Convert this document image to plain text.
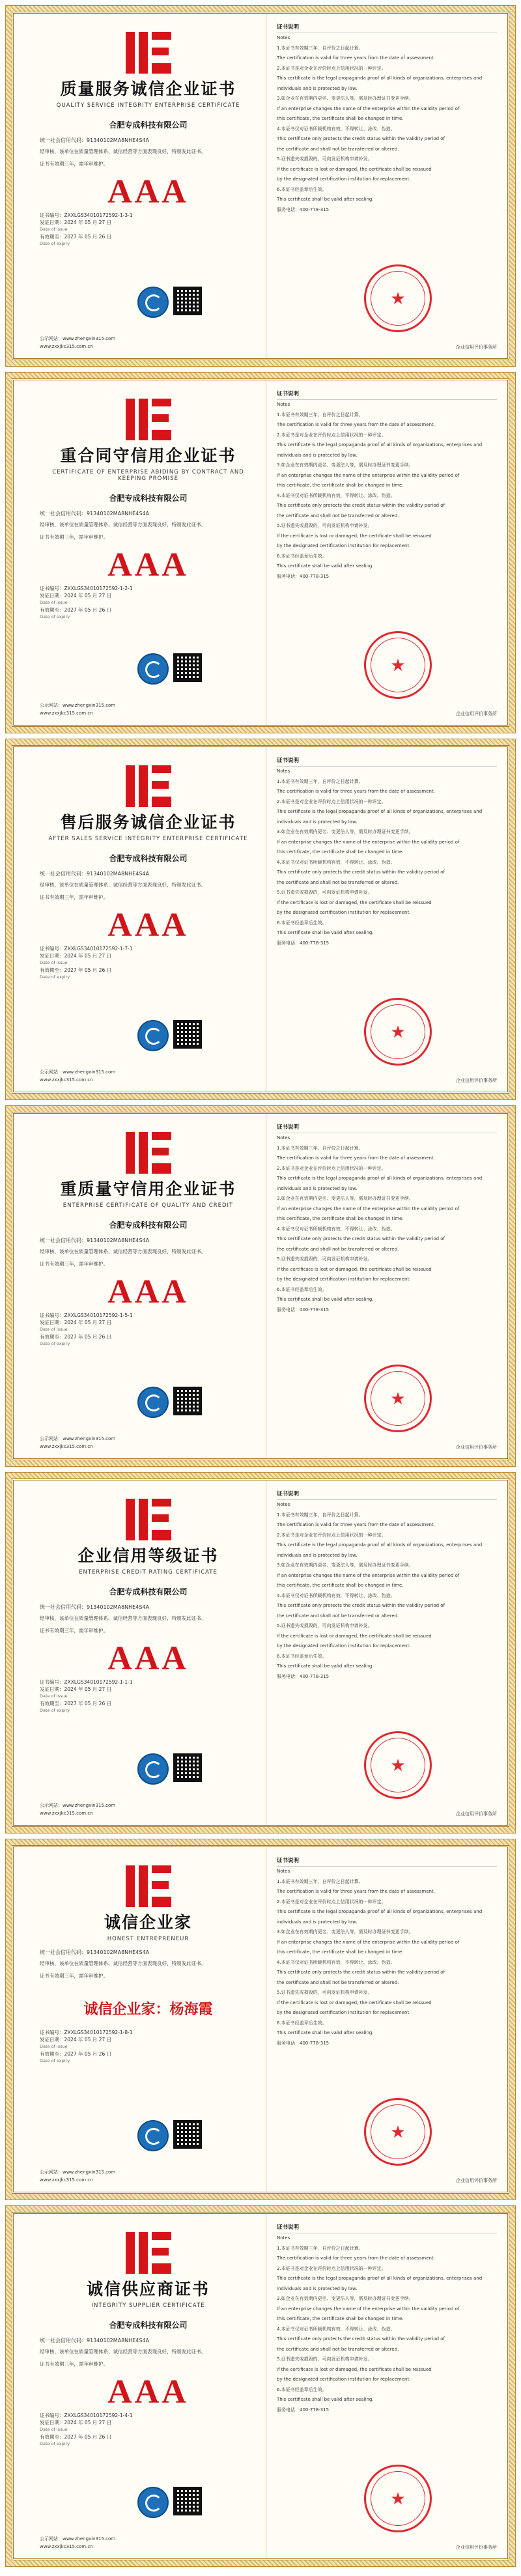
质量服务诚信企业证书
QUALITY SERVICE INTEGRITY ENTERPRISE CERTIFICATE
合肥专成科技有限公司
统一社会信用代码：91340102MA8NHE4S4A
经审核，该单位在质量管理体系、诚信经营等方面表现良好，特颁发此证书。
证书有效期三年，需年审维护。
AAA
证书编号：ZXXLGS34010172592-1-3-1
发证日期：2024 年 05 月 27 日
Date of issue
有效期至：2027 年 05 月 26 日
Date of expiry
公示网站：www.zhengxin315.com
www.zxxjkc315.com.cn
证书说明
Notes
1.本证书有效期三年，自评价之日起计算。
The certification is valid for three years from the date of assessment.
2.本证书是对企业在评价时点上信用状况的一种评定。
This certificate is the legal propaganda proof of all kinds of organizations, enterprises and
individuals and is protected by law.
3.如企业在有效期内更名、变更法人等，需及时办理证书变更手续。
If an enterprise changes the name of the enterprise within the validity period of
this certificate, the certificate shall be changed in time.
4.本证书仅对证书所载机构有效，不得转让、涂改、伪造。
This certificate only protects the credit status within the validity period of
the certificate and shall not be transferred or altered.
5.证书遗失或损毁的，可向发证机构申请补发。
If the certificate is lost or damaged, the certificate shall be reissued
by the designated certification institution for replacement.
6.本证书经盖章后生效。
This certificate shall be valid after sealing.
服务电话：400-778-315
★
企业信用评价事务所
重合同守信用企业证书
CERTIFICATE OF ENTERPRISE ABIDING BY CONTRACT AND KEEPING PROMISE
合肥专成科技有限公司
统一社会信用代码：91340102MA8NHE4S4A
经审核，该单位在质量管理体系、诚信经营等方面表现良好，特颁发此证书。
证书有效期三年，需年审维护。
AAA
证书编号：ZXXLGS34010172592-1-2-1
发证日期：2024 年 05 月 27 日
Date of issue
有效期至：2027 年 05 月 26 日
Date of expiry
公示网站：www.zhengxin315.com
www.zxxjkc315.com.cn
证书说明
Notes
1.本证书有效期三年，自评价之日起计算。
The certification is valid for three years from the date of assessment.
2.本证书是对企业在评价时点上信用状况的一种评定。
This certificate is the legal propaganda proof of all kinds of organizations, enterprises and
individuals and is protected by law.
3.如企业在有效期内更名、变更法人等，需及时办理证书变更手续。
If an enterprise changes the name of the enterprise within the validity period of
this certificate, the certificate shall be changed in time.
4.本证书仅对证书所载机构有效，不得转让、涂改、伪造。
This certificate only protects the credit status within the validity period of
the certificate and shall not be transferred or altered.
5.证书遗失或损毁的，可向发证机构申请补发。
If the certificate is lost or damaged, the certificate shall be reissued
by the designated certification institution for replacement.
6.本证书经盖章后生效。
This certificate shall be valid after sealing.
服务电话：400-778-315
★
企业信用评价事务所
售后服务诚信企业证书
AFTER SALES SERVICE INTEGRITY ENTERPRISE CERTIFICATE
合肥专成科技有限公司
统一社会信用代码：91340102MA8NHE4S4A
经审核，该单位在质量管理体系、诚信经营等方面表现良好，特颁发此证书。
证书有效期三年，需年审维护。
AAA
证书编号：ZXXLGS34010172592-1-7-1
发证日期：2024 年 05 月 27 日
Date of issue
有效期至：2027 年 05 月 26 日
Date of expiry
公示网站：www.zhengxin315.com
www.zxxjkc315.com.cn
证书说明
Notes
1.本证书有效期三年，自评价之日起计算。
The certification is valid for three years from the date of assessment.
2.本证书是对企业在评价时点上信用状况的一种评定。
This certificate is the legal propaganda proof of all kinds of organizations, enterprises and
individuals and is protected by law.
3.如企业在有效期内更名、变更法人等，需及时办理证书变更手续。
If an enterprise changes the name of the enterprise within the validity period of
this certificate, the certificate shall be changed in time.
4.本证书仅对证书所载机构有效，不得转让、涂改、伪造。
This certificate only protects the credit status within the validity period of
the certificate and shall not be transferred or altered.
5.证书遗失或损毁的，可向发证机构申请补发。
If the certificate is lost or damaged, the certificate shall be reissued
by the designated certification institution for replacement.
6.本证书经盖章后生效。
This certificate shall be valid after sealing.
服务电话：400-778-315
★
企业信用评价事务所
重质量守信用企业证书
ENTERPRISE CERTIFICATE OF QUALITY AND CREDIT
合肥专成科技有限公司
统一社会信用代码：91340102MA8NHE4S4A
经审核，该单位在质量管理体系、诚信经营等方面表现良好，特颁发此证书。
证书有效期三年，需年审维护。
AAA
证书编号：ZXXLGS34010172592-1-5-1
发证日期：2024 年 05 月 27 日
Date of issue
有效期至：2027 年 05 月 26 日
Date of expiry
公示网站：www.zhengxin315.com
www.zxxjkc315.com.cn
证书说明
Notes
1.本证书有效期三年，自评价之日起计算。
The certification is valid for three years from the date of assessment.
2.本证书是对企业在评价时点上信用状况的一种评定。
This certificate is the legal propaganda proof of all kinds of organizations, enterprises and
individuals and is protected by law.
3.如企业在有效期内更名、变更法人等，需及时办理证书变更手续。
If an enterprise changes the name of the enterprise within the validity period of
this certificate, the certificate shall be changed in time.
4.本证书仅对证书所载机构有效，不得转让、涂改、伪造。
This certificate only protects the credit status within the validity period of
the certificate and shall not be transferred or altered.
5.证书遗失或损毁的，可向发证机构申请补发。
If the certificate is lost or damaged, the certificate shall be reissued
by the designated certification institution for replacement.
6.本证书经盖章后生效。
This certificate shall be valid after sealing.
服务电话：400-778-315
★
企业信用评价事务所
企业信用等级证书
ENTERPRISE CREDIT RATING CERTIFICATE
合肥专成科技有限公司
统一社会信用代码：91340102MA8NHE4S4A
经审核，该单位在质量管理体系、诚信经营等方面表现良好，特颁发此证书。
证书有效期三年，需年审维护。
AAA
证书编号：ZXXLGS34010172592-1-1-1
发证日期：2024 年 05 月 27 日
Date of issue
有效期至：2027 年 05 月 26 日
Date of expiry
公示网站：www.zhengxin315.com
www.zxxjkc315.com.cn
证书说明
Notes
1.本证书有效期三年，自评价之日起计算。
The certification is valid for three years from the date of assessment.
2.本证书是对企业在评价时点上信用状况的一种评定。
This certificate is the legal propaganda proof of all kinds of organizations, enterprises and
individuals and is protected by law.
3.如企业在有效期内更名、变更法人等，需及时办理证书变更手续。
If an enterprise changes the name of the enterprise within the validity period of
this certificate, the certificate shall be changed in time.
4.本证书仅对证书所载机构有效，不得转让、涂改、伪造。
This certificate only protects the credit status within the validity period of
the certificate and shall not be transferred or altered.
5.证书遗失或损毁的，可向发证机构申请补发。
If the certificate is lost or damaged, the certificate shall be reissued
by the designated certification institution for replacement.
6.本证书经盖章后生效。
This certificate shall be valid after sealing.
服务电话：400-778-315
★
企业信用评价事务所
诚信企业家
HONEST ENTREPRENEUR
统一社会信用代码：91340102MA8NHE4S4A
经审核，该单位在质量管理体系、诚信经营等方面表现良好，特颁发此证书。
证书有效期三年，需年审维护。
诚信企业家：杨海霞
证书编号：ZXXLGS34010172592-1-8-1
发证日期：2024 年 05 月 27 日
Date of issue
有效期至：2027 年 05 月 26 日
Date of expiry
公示网站：www.zhengxin315.com
www.zxxjkc315.com.cn
证书说明
Notes
1.本证书有效期三年，自评价之日起计算。
The certification is valid for three years from the date of assessment.
2.本证书是对企业在评价时点上信用状况的一种评定。
This certificate is the legal propaganda proof of all kinds of organizations, enterprises and
individuals and is protected by law.
3.如企业在有效期内更名、变更法人等，需及时办理证书变更手续。
If an enterprise changes the name of the enterprise within the validity period of
this certificate, the certificate shall be changed in time.
4.本证书仅对证书所载机构有效，不得转让、涂改、伪造。
This certificate only protects the credit status within the validity period of
the certificate and shall not be transferred or altered.
5.证书遗失或损毁的，可向发证机构申请补发。
If the certificate is lost or damaged, the certificate shall be reissued
by the designated certification institution for replacement.
6.本证书经盖章后生效。
This certificate shall be valid after sealing.
服务电话：400-778-315
★
企业信用评价事务所
诚信供应商证书
INTEGRITY SUPPLIER CERTIFICATE
合肥专成科技有限公司
统一社会信用代码：91340102MA8NHE4S4A
经审核，该单位在质量管理体系、诚信经营等方面表现良好，特颁发此证书。
证书有效期三年，需年审维护。
AAA
证书编号：ZXXLGS34010172592-1-4-1
发证日期：2024 年 05 月 27 日
Date of issue
有效期至：2027 年 05 月 26 日
Date of expiry
公示网站：www.zhengxin315.com
www.zxxjkc315.com.cn
证书说明
Notes
1.本证书有效期三年，自评价之日起计算。
The certification is valid for three years from the date of assessment.
2.本证书是对企业在评价时点上信用状况的一种评定。
This certificate is the legal propaganda proof of all kinds of organizations, enterprises and
individuals and is protected by law.
3.如企业在有效期内更名、变更法人等，需及时办理证书变更手续。
If an enterprise changes the name of the enterprise within the validity period of
this certificate, the certificate shall be changed in time.
4.本证书仅对证书所载机构有效，不得转让、涂改、伪造。
This certificate only protects the credit status within the validity period of
the certificate and shall not be transferred or altered.
5.证书遗失或损毁的，可向发证机构申请补发。
If the certificate is lost or damaged, the certificate shall be reissued
by the designated certification institution for replacement.
6.本证书经盖章后生效。
This certificate shall be valid after sealing.
服务电话：400-778-315
★
企业信用评价事务所
